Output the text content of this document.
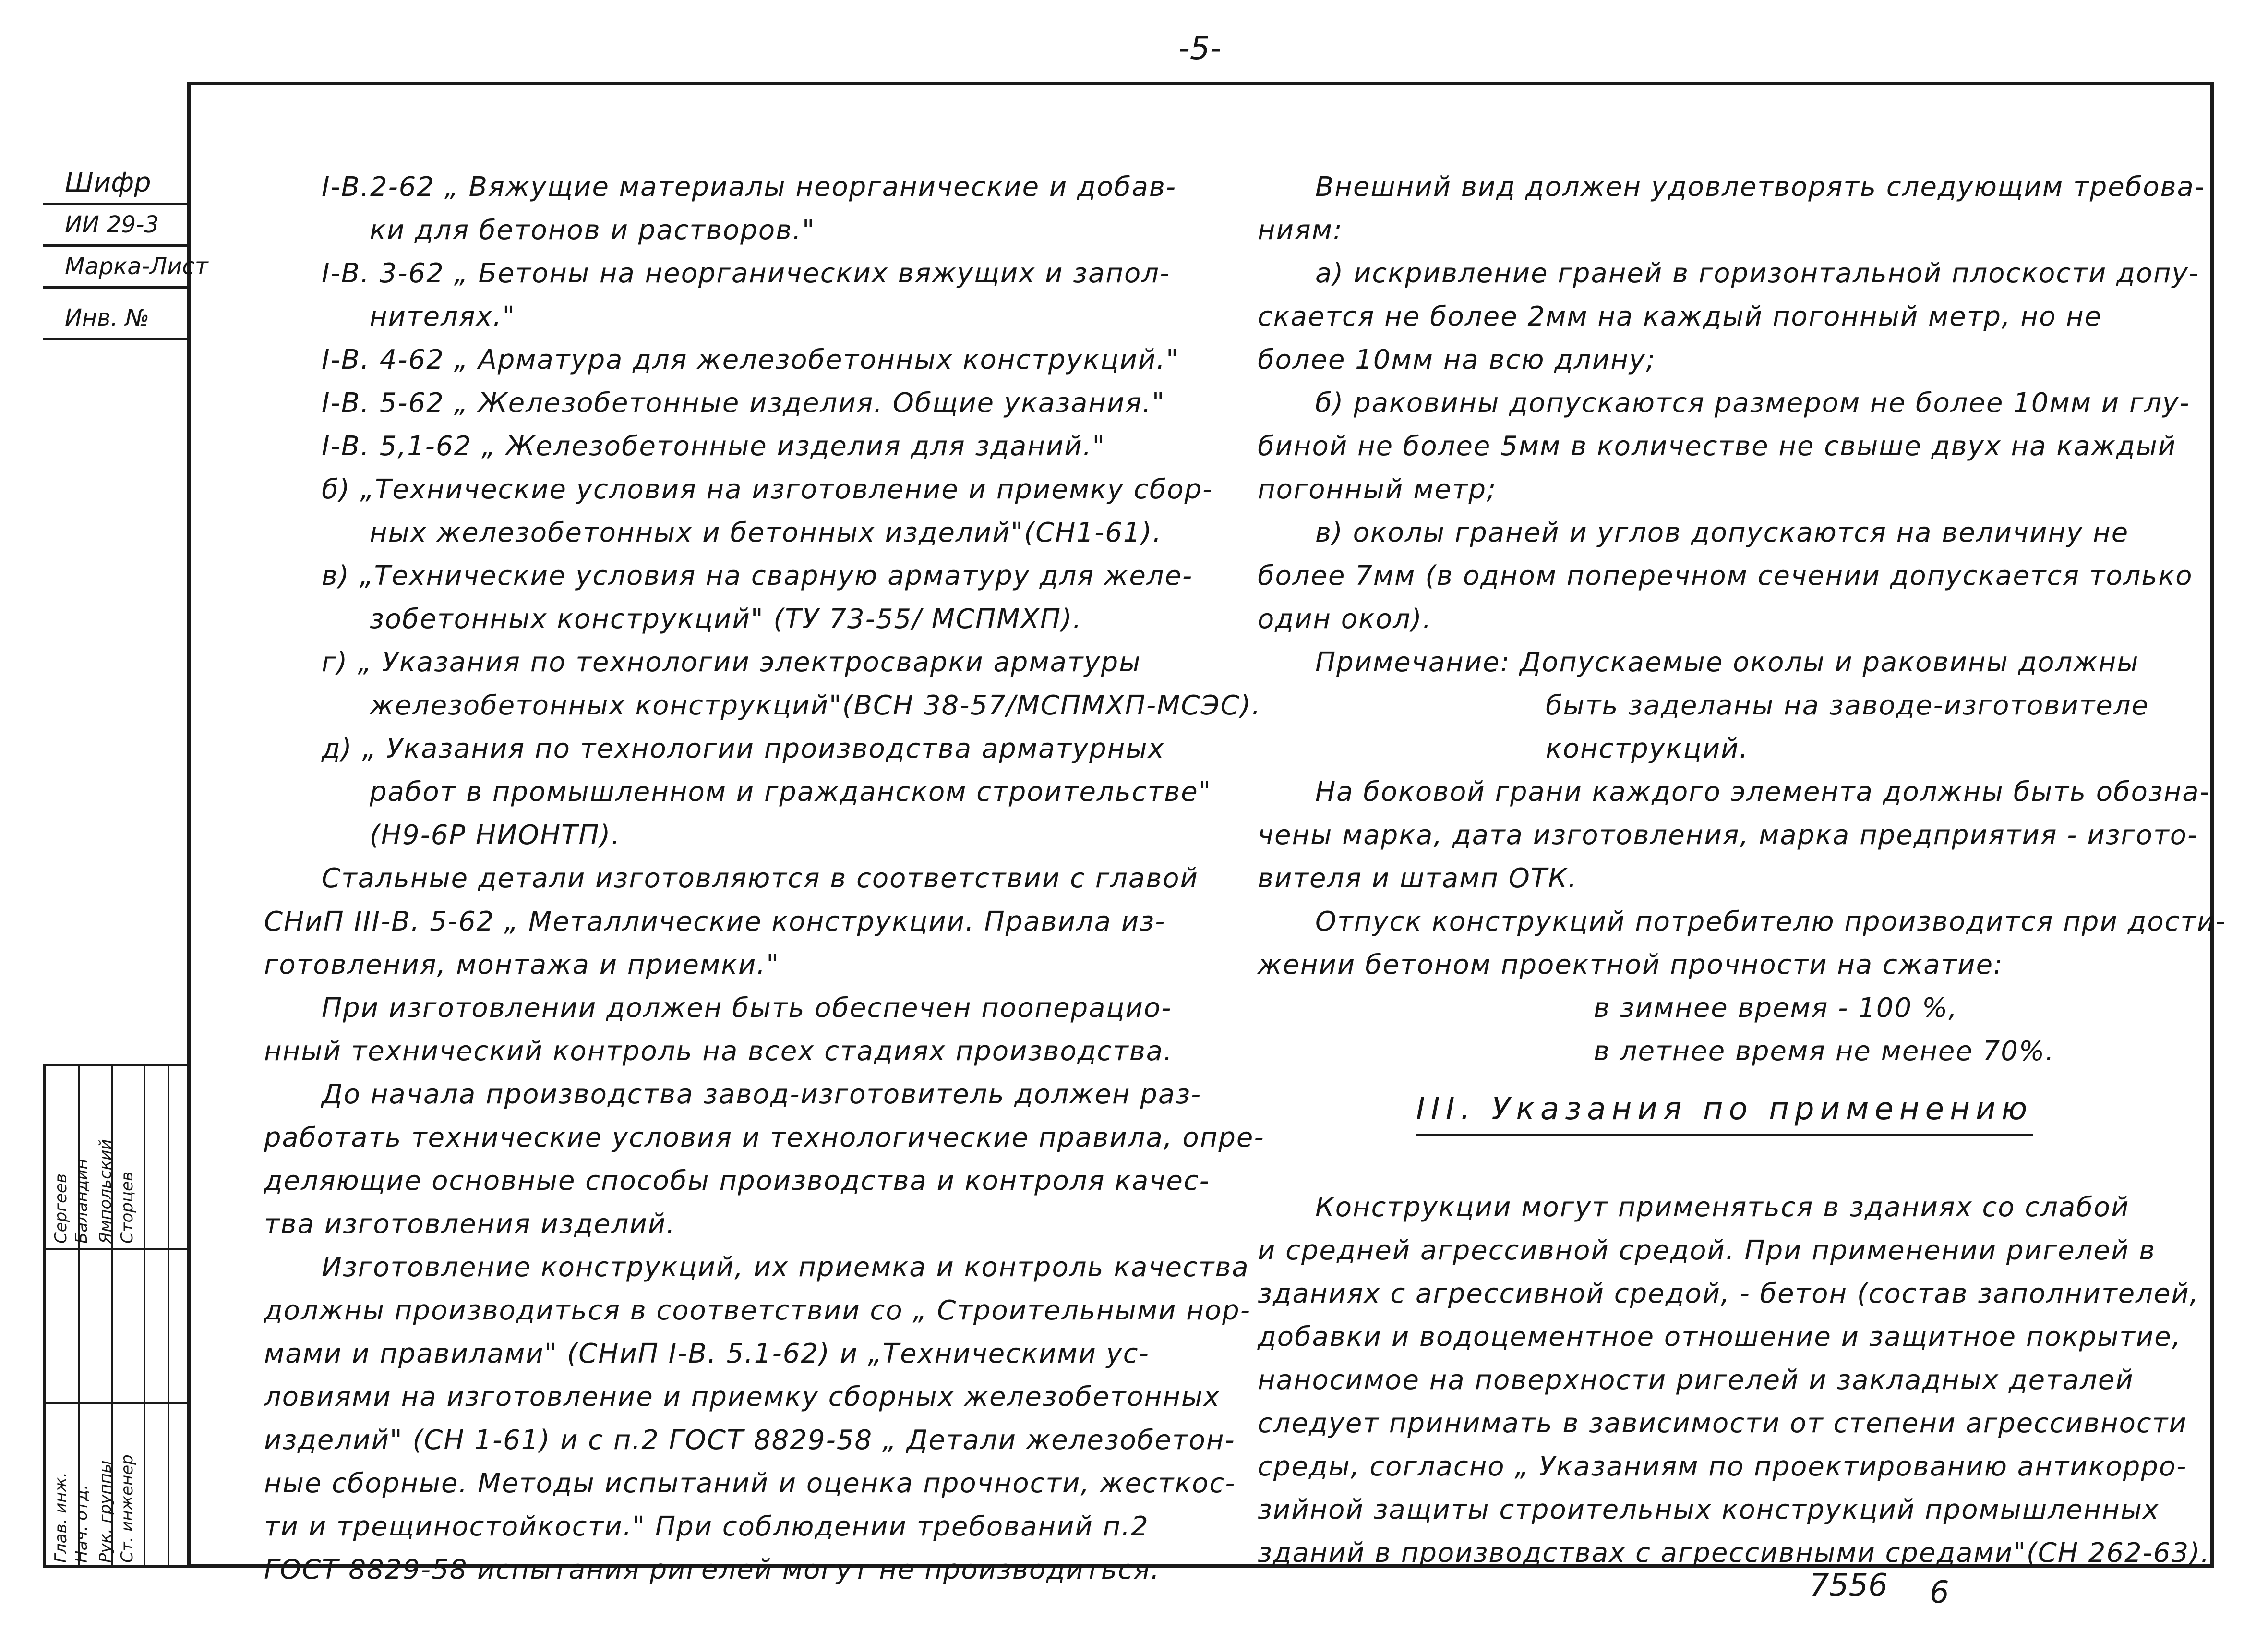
-5-
Шифр
ИИ 29-3
Марка-Лист
Инв. №
Глав. инж. Нач. отд. Рук. группы Ст. инженер
Сергеев Баландин Ямпольский Сторцев
I-В.2-62 „ Вяжущие материалы неорганические и добав-
ки для бетонов и растворов."
I-В. 3-62 „ Бетоны на неорганических вяжущих и запол-
нителях."
I-В. 4-62 „ Арматура для железобетонных конструкций."
I-В. 5-62 „ Железобетонные изделия. Общие указания."
I-В. 5,1-62 „ Железобетонные изделия для зданий."
б) „Технические условия на изготовление и приемку сбор-
ных железобетонных и бетонных изделий"(СН1-61).
в) „Технические условия на сварную арматуру для желе-
зобетонных конструкций" (ТУ 73-55/ МСПМХП).
г) „ Указания по технологии электросварки арматуры
железобетонных конструкций"(ВСН 38-57/МСПМХП-МСЭС).
д) „ Указания по технологии производства арматурных
работ в промышленном и гражданском строительстве"
(Н9-6Р НИОНТП).
Стальные детали изготовляются в соответствии с главой
СНиП III-В. 5-62 „ Металлические конструкции. Правила из-
готовления, монтажа и приемки."
При изготовлении должен быть обеспечен пооперацио-
нный технический контроль на всех стадиях производства.
До начала производства завод-изготовитель должен раз-
работать технические условия и технологические правила, опре-
деляющие основные способы производства и контроля качес-
тва изготовления изделий.
Изготовление конструкций, их приемка и контроль качества
должны производиться в соответствии со „ Строительными нор-
мами и правилами" (СНиП I-В. 5.1-62) и „Техническими ус-
ловиями на изготовление и приемку сборных железобетонных
изделий" (СН 1-61) и с п.2 ГОСТ 8829-58 „ Детали железобетон-
ные сборные. Методы испытаний и оценка прочности, жесткос-
ти и трещиностойкости." При соблюдении требований п.2
ГОСТ 8829-58 испытания ригелей могут не производиться.
Внешний вид должен удовлетворять следующим требова-
ниям:
а) искривление граней в горизонтальной плоскости допу-
скается не более 2мм на каждый погонный метр, но не
более 10мм на всю длину;
б) раковины допускаются размером не более 10мм и глу-
биной не более 5мм в количестве не свыше двух на каждый
погонный метр;
в) околы граней и углов допускаются на величину не
более 7мм (в одном поперечном сечении допускается только
один окол).
Примечание: Допускаемые околы и раковины должны
быть заделаны на заводе-изготовителе
конструкций.
На боковой грани каждого элемента должны быть обозна-
чены марка, дата изготовления, марка предприятия - изгото-
вителя и штамп ОТК.
Отпуск конструкций потребителю производится при дости-
жении бетоном проектной прочности на сжатие:
в зимнее время - 100 %,
в летнее время не менее 70%.
III. Указания по применению
Конструкции могут применяться в зданиях со слабой
и средней агрессивной средой. При применении ригелей в
зданиях с агрессивной средой, - бетон (состав заполнителей,
добавки и водоцементное отношение и защитное покрытие,
наносимое на поверхности ригелей и закладных деталей
следует принимать в зависимости от степени агрессивности
среды, согласно „ Указаниям по проектированию антикорро-
зийной защиты строительных конструкций промышленных
зданий в производствах с агрессивными средами"(СН 262-63).
7556 6
